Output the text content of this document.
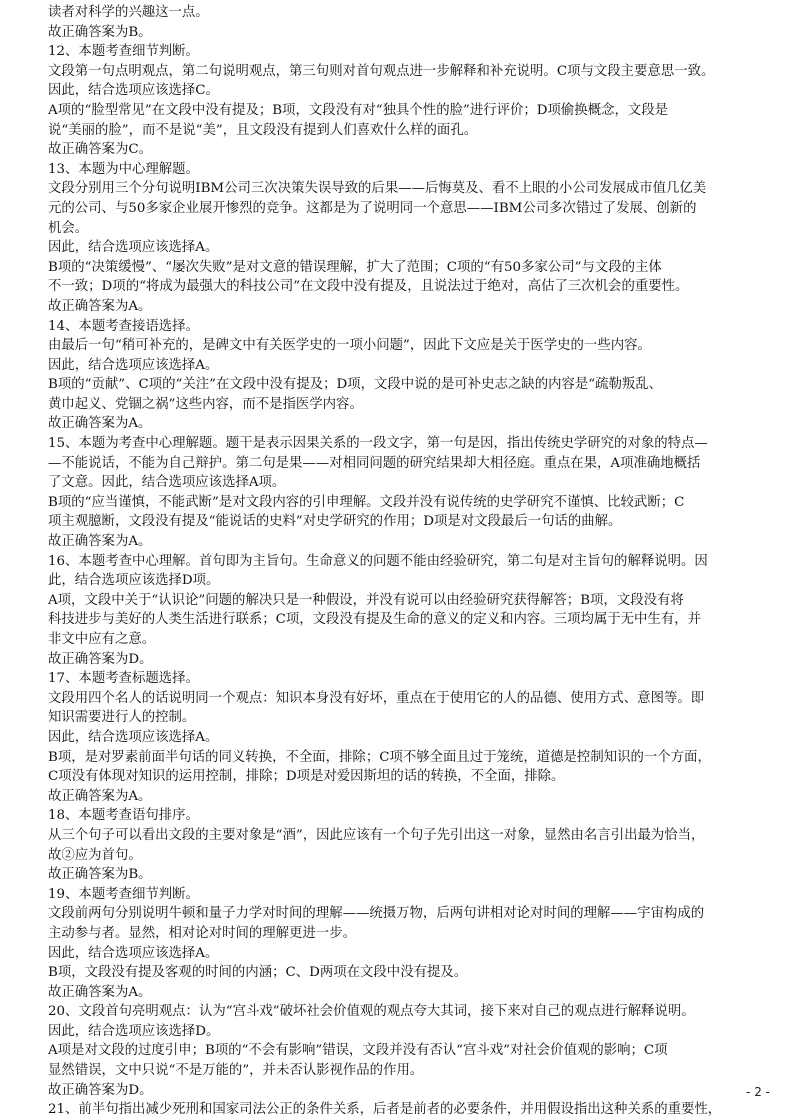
读者对科学的兴趣这一点。
故正确答案为B。
12、本题考查细节判断。
文段第一句点明观点，第二句说明观点，第三句则对首句观点进一步解释和补充说明。C项与文段主要意思一致。
因此，结合选项应该选择C。
A项的“脸型常见”在文段中没有提及；B项，文段没有对“独具个性的脸”进行评价；D项偷换概念，文段是
说“美丽的脸”，而不是说“美”，且文段没有提到人们喜欢什么样的面孔。
故正确答案为C。
13、本题为中心理解题。
文段分别用三个分句说明IBM公司三次决策失误导致的后果——后悔莫及、看不上眼的小公司发展成市值几亿美
元的公司、与50多家企业展开惨烈的竞争。这都是为了说明同一个意思——IBM公司多次错过了发展、创新的
机会。
因此，结合选项应该选择A。
B项的“决策缓慢”、“屡次失败”是对文意的错误理解，扩大了范围；C项的“有50多家公司”与文段的主体
不一致；D项的“将成为最强大的科技公司”在文段中没有提及，且说法过于绝对，高估了三次机会的重要性。
故正确答案为A。
14、本题考查接语选择。
由最后一句“稍可补充的，是碑文中有关医学史的一项小问题”，因此下文应是关于医学史的一些内容。
因此，结合选项应该选择A。
B项的“贡献”、C项的“关注”在文段中没有提及；D项，文段中说的是可补史志之缺的内容是“疏勒叛乱、
黄巾起义、党锢之祸”这些内容，而不是指医学内容。
故正确答案为A。
15、本题为考查中心理解题。题干是表示因果关系的一段文字，第一句是因，指出传统史学研究的对象的特点—
—不能说话，不能为自己辩护。第二句是果——对相同问题的研究结果却大相径庭。重点在果，A项准确地概括
了文意。因此，结合选项应该选择A项。
B项的“应当谨慎，不能武断”是对文段内容的引申理解。文段并没有说传统的史学研究不谨慎、比较武断；C
项主观臆断，文段没有提及“能说话的史料”对史学研究的作用；D项是对文段最后一句话的曲解。
故正确答案为A。
16、本题考查中心理解。首句即为主旨句。生命意义的问题不能由经验研究，第二句是对主旨句的解释说明。因
此，结合选项应该选择D项。
A项，文段中关于“认识论”问题的解决只是一种假设，并没有说可以由经验研究获得解答；B项，文段没有将
科技进步与美好的人类生活进行联系；C项，文段没有提及生命的意义的定义和内容。三项均属于无中生有，并
非文中应有之意。
故正确答案为D。
17、本题考查标题选择。
文段用四个名人的话说明同一个观点：知识本身没有好坏，重点在于使用它的人的品德、使用方式、意图等。即
知识需要进行人的控制。
因此，结合选项应该选择A。
B项，是对罗素前面半句话的同义转换，不全面，排除；C项不够全面且过于笼统，道德是控制知识的一个方面，
C项没有体现对知识的运用控制，排除；D项是对爱因斯坦的话的转换，不全面，排除。
故正确答案为A。
18、本题考查语句排序。
从三个句子可以看出文段的主要对象是“酒”，因此应该有一个句子先引出这一对象，显然由名言引出最为恰当，
故②应为首句。
故正确答案为B。
19、本题考查细节判断。
文段前两句分别说明牛顿和量子力学对时间的理解——统摄万物，后两句讲相对论对时间的理解——宇宙构成的
主动参与者。显然，相对论对时间的理解更进一步。
因此，结合选项应该选择A。
B项，文段没有提及客观的时间的内涵；C、D两项在文段中没有提及。
故正确答案为A。
20、文段首句亮明观点：认为“宫斗戏”破坏社会价值观的观点夸大其词，接下来对自己的观点进行解释说明。
因此，结合选项应该选择D。
A项是对文段的过度引申；B项的“不会有影响”错误，文段并没有否认“宫斗戏”对社会价值观的影响；C项
显然错误，文中只说“不是万能的”，并未否认影视作品的作用。
故正确答案为D。
21、前半句指出减少死刑和国家司法公正的条件关系，后者是前者的必要条件，并用假设指出这种关系的重要性，
- 2 -
